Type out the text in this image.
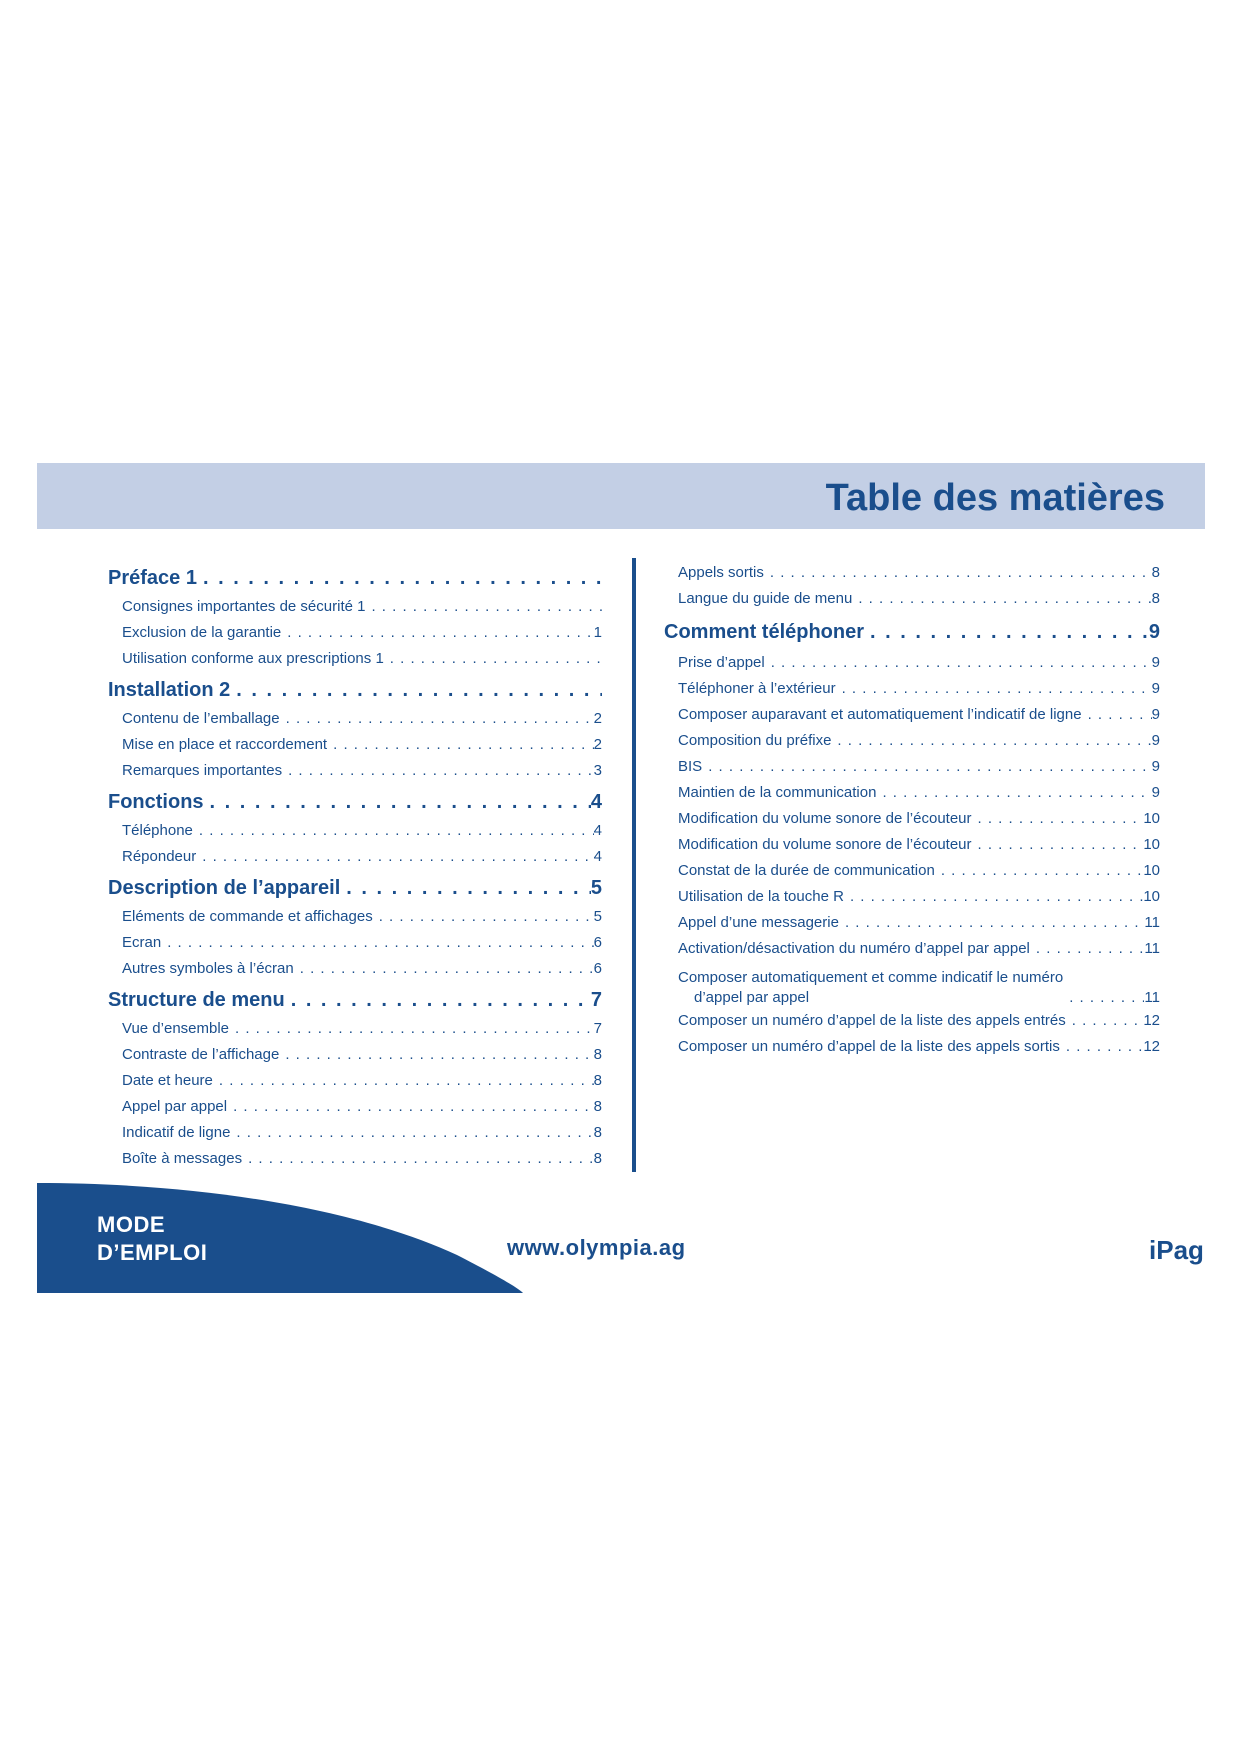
Table des matières
Préface 1
. . .
Consignes importantes de sécurité 1
. . .
Exclusion de la garantie . . .	1
Utilisation conforme aux prescriptions 1
. . .
Installation 2
. . .
Contenu de l’emballage . . .	2
Mise en place et raccordement . . .	2
Remarques importantes . . .	3
Fonctions . . .	4
Téléphone . . .	4
Répondeur . . .	4
Description de l’appareil . . .	5
Eléments de commande et affichages . . .	5
Ecran . . .	6
Autres symboles à l’écran . . .	6
Structure de menu . . .	7
Vue d’ensemble . . .	7
Contraste de l’affichage . . .	8
Date et heure . . .	8
Appel par appel . . .	8
Indicatif de ligne . . .	8
Boîte à messages . . .	8
Appels sortis . . .	8
Langue du guide de menu . . .	8
Comment téléphoner . . .	9
Prise d’appel . . .	9
Téléphoner à l’extérieur . . .	9
Composer auparavant et automatiquement l’indicatif de ligne . . .	9
Composition du préfixe . . .	9
BIS . . .	9
Maintien de la communication . . .	9
Modification du volume sonore de l’écouteur . . .	10
Modification du volume sonore de l’écouteur . . .	10
Constat de la durée de communication . . .	10
Utilisation de la touche R . . .	10
Appel d’une messagerie . . .	11
Activation/désactivation du numéro d’appel par appel . . .	11
Composer automatiquement et comme indicatif le numéro
d’appel par appel . . .	11
Composer un numéro d’appel de la liste des appels entrés . . .	12
Composer un numéro d’appel de la liste des appels sortis . . .	12
MODE
D’EMPLOI	www.olympia.ag	iPag
